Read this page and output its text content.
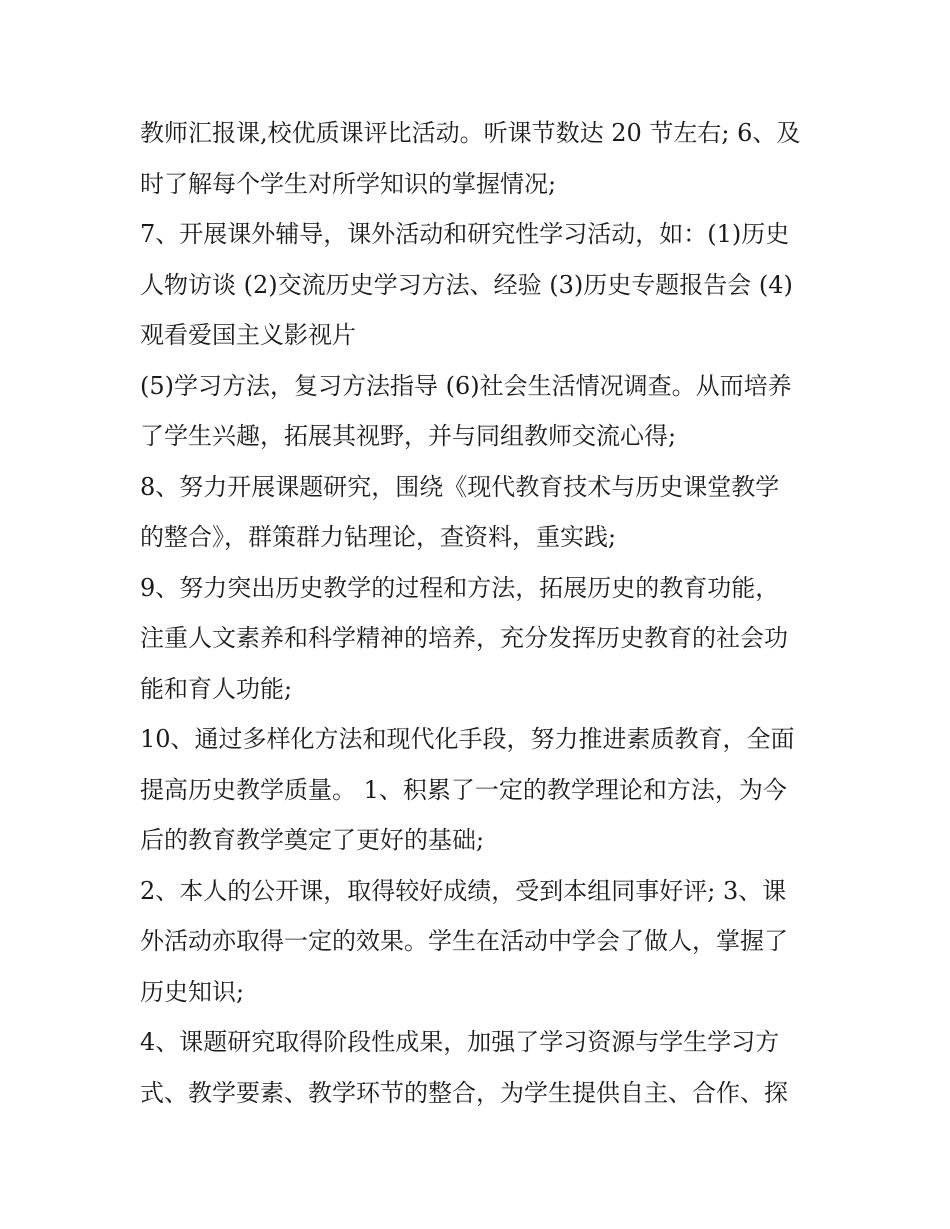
教师汇报课,校优质课评比活动。听课节数达 20 节左右; 6、及
时了解每个学生对所学知识的掌握情况;
7、开展课外辅导，课外活动和研究性学习活动，如：(1)历史
人物访谈 (2)交流历史学习方法、经验 (3)历史专题报告会 (4)
观看爱国主义影视片
(5)学习方法，复习方法指导 (6)社会生活情况调查。从而培养
了学生兴趣，拓展其视野，并与同组教师交流心得;
8、努力开展课题研究，围绕《现代教育技术与历史课堂教学
的整合》，群策群力钻理论，查资料，重实践;
9、努力突出历史教学的过程和方法，拓展历史的教育功能，
注重人文素养和科学精神的培养，充分发挥历史教育的社会功
能和育人功能;
10、通过多样化方法和现代化手段，努力推进素质教育，全面
提高历史教学质量。 1、积累了一定的教学理论和方法，为今
后的教育教学奠定了更好的基础;
2、本人的公开课，取得较好成绩，受到本组同事好评; 3、课
外活动亦取得一定的效果。学生在活动中学会了做人，掌握了
历史知识;
4、课题研究取得阶段性成果，加强了学习资源与学生学习方
式、教学要素、教学环节的整合，为学生提供自主、合作、探
